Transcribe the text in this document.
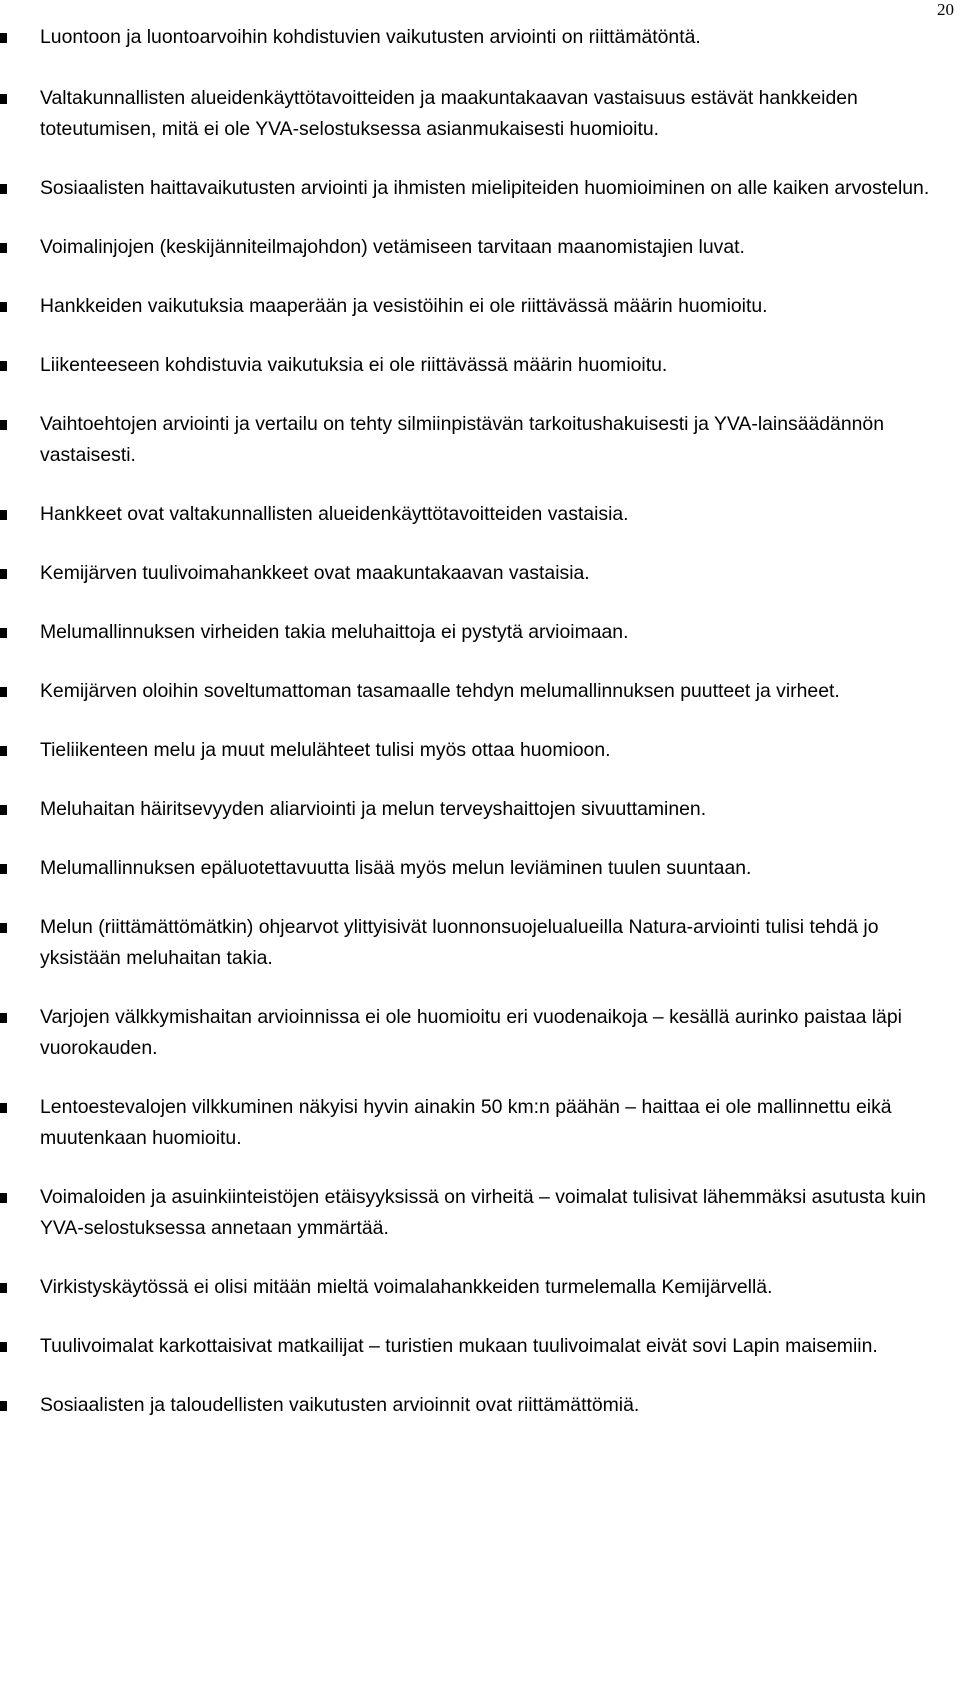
20
Luontoon ja luontoarvoihin kohdistuvien vaikutusten arviointi on riittämätöntä.
Valtakunnallisten alueidenkäyttötavoitteiden ja maakuntakaavan vastaisuus estävät hankkeiden toteutumisen, mitä ei ole YVA-selostuksessa asianmukaisesti huomioitu.
Sosiaalisten haittavaikutusten arviointi ja ihmisten mielipiteiden huomioiminen on alle kaiken arvostelun.
Voimalinjojen (keskijänniteilmajohdon) vetämiseen tarvitaan maanomistajien luvat.
Hankkeiden vaikutuksia maaperään ja vesistöihin ei ole riittävässä määrin huomioitu.
Liikenteeseen kohdistuvia vaikutuksia ei ole riittävässä määrin huomioitu.
Vaihtoehtojen arviointi ja vertailu on tehty silmiinpistävän tarkoitushakuisesti ja YVA-lainsäädännön vastaisesti.
Hankkeet ovat valtakunnallisten alueidenkäyttötavoitteiden vastaisia.
Kemijärven tuulivoimahankkeet ovat maakuntakaavan vastaisia.
Melumallinnuksen virheiden takia meluhaittoja ei pystytä arvioimaan.
Kemijärven oloihin soveltumattoman tasamaalle tehdyn melumallinnuksen puutteet ja virheet.
Tieliikenteen melu ja muut melulähteet tulisi myös ottaa huomioon.
Meluhaitan häiritsevyyden aliarviointi ja melun terveyshaittojen sivuuttaminen.
Melumallinnuksen epäluotettavuutta lisää myös melun leviäminen tuulen suuntaan.
Melun (riittämättömätkin) ohjearvot ylittyisivät luonnonsuojelualueilla Natura-arviointi tulisi tehdä jo yksistään meluhaitan takia.
Varjojen välkkymishaitan arvioinnissa ei ole huomioitu eri vuodenaikoja – kesällä aurinko paistaa läpi vuorokauden.
Lentoestevalojen vilkkuminen näkyisi hyvin ainakin 50 km:n päähän – haittaa ei ole mallinnettu eikä muutenkaan huomioitu.
Voimaloiden ja asuinkiinteistöjen etäisyyksissä on virheitä – voimalat tulisivat lähemmäksi asutusta kuin YVA-selostuksessa annetaan ymmärtää.
Virkistyskäytössä ei olisi mitään mieltä voimalahankkeiden turmelemalla Kemijärvellä.
Tuulivoimalat karkottaisivat matkailijat – turistien mukaan tuulivoimalat eivät sovi Lapin maisemiin.
Sosiaalisten ja taloudellisten vaikutusten arvioinnit ovat riittämättömiä.
